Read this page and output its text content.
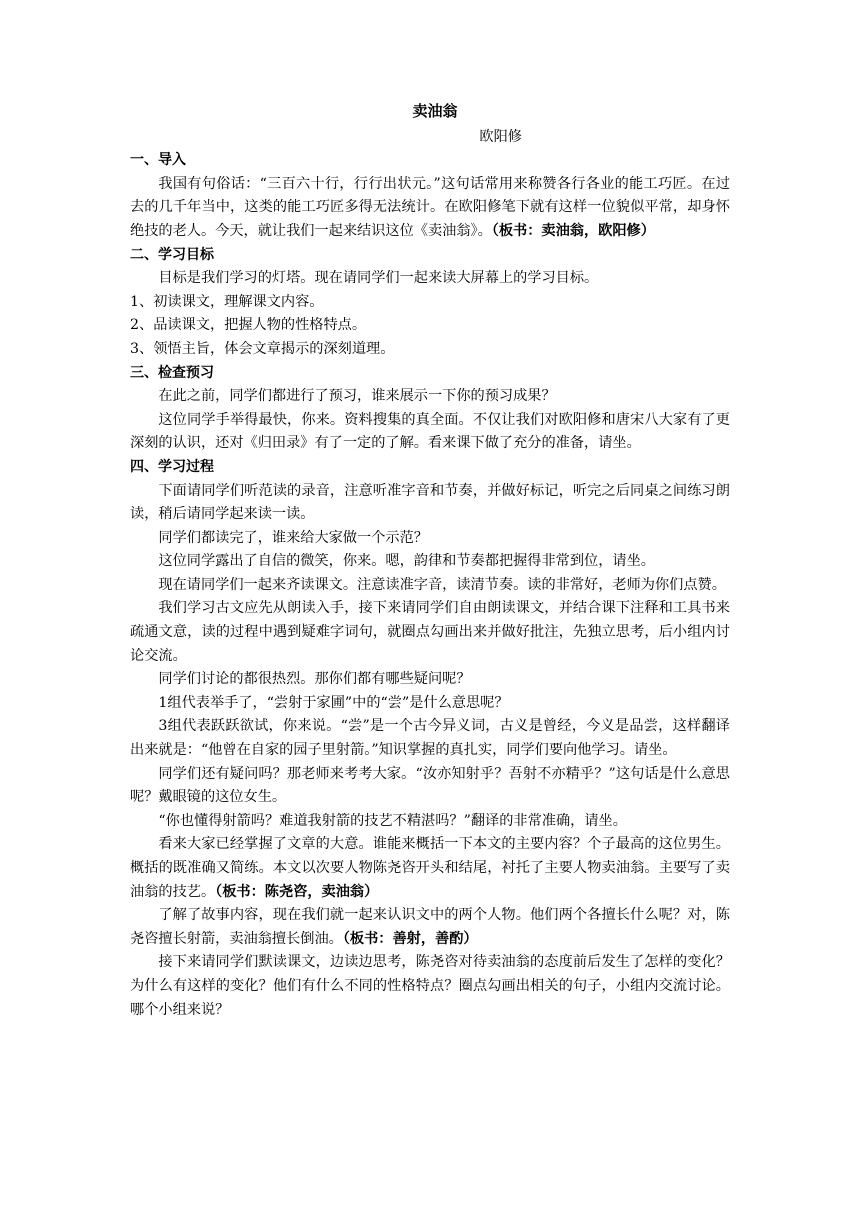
卖油翁
欧阳修
一、导入

我国有句俗话：“三百六十行，行行出状元。”这句话常用来称赞各行各业的能工巧匠。在过去的几千年当中，这类的能工巧匠多得无法统计。在欧阳修笔下就有这样一位貌似平常，却身怀绝技的老人。今天，就让我们一起来结识这位《卖油翁》。（板书：卖油翁，欧阳修）

二、学习目标

目标是我们学习的灯塔。现在请同学们一起来读大屏幕上的学习目标。

1、初读课文，理解课文内容。

2、品读课文，把握人物的性格特点。

3、领悟主旨，体会文章揭示的深刻道理。

三、检查预习

在此之前，同学们都进行了预习，谁来展示一下你的预习成果？

这位同学手举得最快，你来。资料搜集的真全面。不仅让我们对欧阳修和唐宋八大家有了更深刻的认识，还对《归田录》有了一定的了解。看来课下做了充分的准备，请坐。

四、学习过程

下面请同学们听范读的录音，注意听准字音和节奏，并做好标记，听完之后同桌之间练习朗读，稍后请同学起来读一读。

同学们都读完了，谁来给大家做一个示范？

这位同学露出了自信的微笑，你来。嗯，韵律和节奏都把握得非常到位，请坐。

现在请同学们一起来齐读课文。注意读准字音，读清节奏。读的非常好，老师为你们点赞。

我们学习古文应先从朗读入手，接下来请同学们自由朗读课文，并结合课下注释和工具书来疏通文意，读的过程中遇到疑难字词句，就圈点勾画出来并做好批注，先独立思考，后小组内讨论交流。

同学们讨论的都很热烈。那你们都有哪些疑问呢？

1组代表举手了，“尝射于家圃”中的“尝”是什么意思呢？

3组代表跃跃欲试，你来说。“尝”是一个古今异义词，古义是曾经，今义是品尝，这样翻译出来就是：“他曾在自家的园子里射箭。”知识掌握的真扎实，同学们要向他学习。请坐。

同学们还有疑问吗？那老师来考考大家。“汝亦知射乎？吾射不亦精乎？”这句话是什么意思呢？戴眼镜的这位女生。

“你也懂得射箭吗？难道我射箭的技艺不精湛吗？”翻译的非常准确，请坐。

看来大家已经掌握了文章的大意。谁能来概括一下本文的主要内容？个子最高的这位男生。概括的既准确又简练。本文以次要人物陈尧咨开头和结尾，衬托了主要人物卖油翁。主要写了卖油翁的技艺。（板书：陈尧咨，卖油翁）

了解了故事内容，现在我们就一起来认识文中的两个人物。他们两个各擅长什么呢？对，陈尧咨擅长射箭，卖油翁擅长倒油。（板书：善射，善酌）

接下来请同学们默读课文，边读边思考，陈尧咨对待卖油翁的态度前后发生了怎样的变化？为什么有这样的变化？他们有什么不同的性格特点？圈点勾画出相关的句子，小组内交流讨论。哪个小组来说？
